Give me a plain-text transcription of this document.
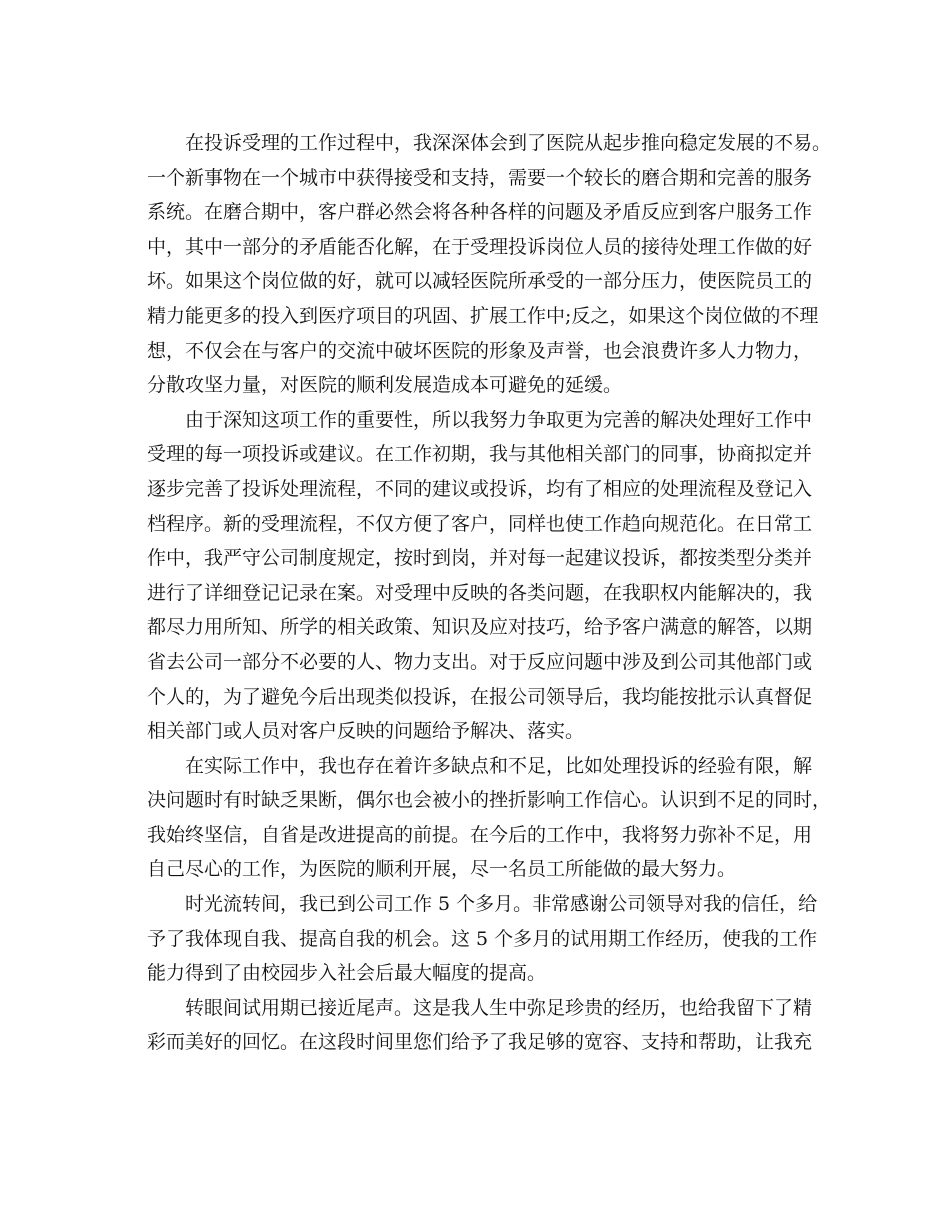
在投诉受理的工作过程中，我深深体会到了医院从起步推向稳定发展的不易。
一个新事物在一个城市中获得接受和支持，需要一个较长的磨合期和完善的服务
系统。在磨合期中，客户群必然会将各种各样的问题及矛盾反应到客户服务工作
中，其中一部分的矛盾能否化解，在于受理投诉岗位人员的接待处理工作做的好
坏。如果这个岗位做的好，就可以减轻医院所承受的一部分压力，使医院员工的
精力能更多的投入到医疗项目的巩固、扩展工作中;反之，如果这个岗位做的不理
想，不仅会在与客户的交流中破坏医院的形象及声誉，也会浪费许多人力物力，
分散攻坚力量，对医院的顺利发展造成本可避免的延缓。
由于深知这项工作的重要性，所以我努力争取更为完善的解决处理好工作中
受理的每一项投诉或建议。在工作初期，我与其他相关部门的同事，协商拟定并
逐步完善了投诉处理流程，不同的建议或投诉，均有了相应的处理流程及登记入
档程序。新的受理流程，不仅方便了客户，同样也使工作趋向规范化。在日常工
作中，我严守公司制度规定，按时到岗，并对每一起建议投诉，都按类型分类并
进行了详细登记记录在案。对受理中反映的各类问题，在我职权内能解决的，我
都尽力用所知、所学的相关政策、知识及应对技巧，给予客户满意的解答，以期
省去公司一部分不必要的人、物力支出。对于反应问题中涉及到公司其他部门或
个人的，为了避免今后出现类似投诉，在报公司领导后，我均能按批示认真督促
相关部门或人员对客户反映的问题给予解决、落实。
在实际工作中，我也存在着许多缺点和不足，比如处理投诉的经验有限，解
决问题时有时缺乏果断，偶尔也会被小的挫折影响工作信心。认识到不足的同时，
我始终坚信，自省是改进提高的前提。在今后的工作中，我将努力弥补不足，用
自己尽心的工作，为医院的顺利开展，尽一名员工所能做的最大努力。
时光流转间，我已到公司工作 5 个多月。非常感谢公司领导对我的信任，给
予了我体现自我、提高自我的机会。这 5 个多月的试用期工作经历，使我的工作
能力得到了由校园步入社会后最大幅度的提高。
转眼间试用期已接近尾声。这是我人生中弥足珍贵的经历，也给我留下了精
彩而美好的回忆。在这段时间里您们给予了我足够的宽容、支持和帮助，让我充
